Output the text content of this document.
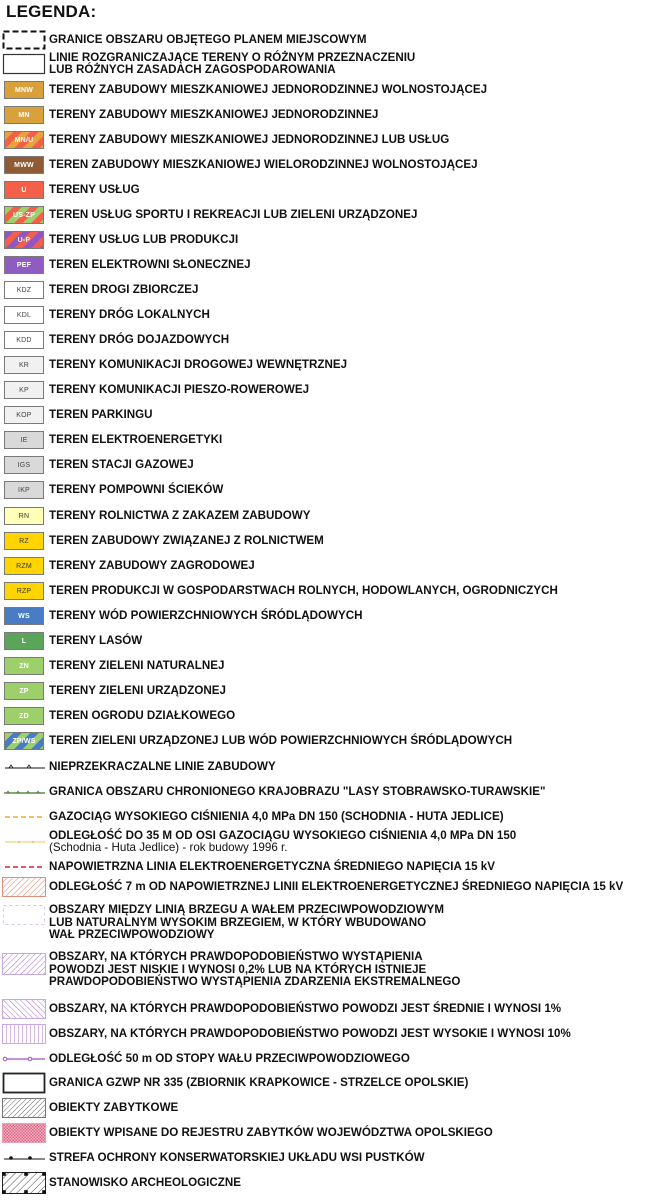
LEGENDA:
GRANICE OBSZARU OBJĘTEGO PLANEM MIEJSCOWYM
LINIE ROZGRANICZAJĄCE TERENY O RÓŻNYM PRZEZNACZENIU
LUB RÓŻNYCH ZASADACH ZAGOSPODAROWANIA
MNW TERENY ZABUDOWY MIESZKANIOWEJ JEDNORODZINNEJ WOLNOSTOJĄCEJ
MN TERENY ZABUDOWY MIESZKANIOWEJ JEDNORODZINNEJ
MN/U TERENY ZABUDOWY MIESZKANIOWEJ JEDNORODZINNEJ LUB USŁUG
MWW TEREN ZABUDOWY MIESZKANIOWEJ WIELORODZINNEJ WOLNOSTOJĄCEJ
U TERENY USŁUG
US-ZP TEREN USŁUG SPORTU I REKREACJI LUB ZIELENI URZĄDZONEJ
U-P TERENY USŁUG LUB PRODUKCJI
PEF TEREN ELEKTROWNI SŁONECZNEJ
KDZ TEREN DROGI ZBIORCZEJ
KDL TERENY DRÓG LOKALNYCH
KDD TERENY DRÓG DOJAZDOWYCH
KR TERENY KOMUNIKACJI DROGOWEJ WEWNĘTRZNEJ
KP TERENY KOMUNIKACJI PIESZO-ROWEROWEJ
KOP TEREN PARKINGU
IE TEREN ELEKTROENERGETYKI
IGS TEREN STACJI GAZOWEJ
IKP TERENY POMPOWNI ŚCIEKÓW
RN TERENY ROLNICTWA Z ZAKAZEM ZABUDOWY
RZ TEREN ZABUDOWY ZWIĄZANEJ Z ROLNICTWEM
RZM TERENY ZABUDOWY ZAGRODOWEJ
RZP TEREN PRODUKCJI W GOSPODARSTWACH ROLNYCH, HODOWLANYCH, OGRODNICZYCH
WS TERENY WÓD POWIERZCHNIOWYCH ŚRÓDLĄDOWYCH
L TERENY LASÓW
ZN TERENY ZIELENI NATURALNEJ
ZP TERENY ZIELENI URZĄDZONEJ
ZD TEREN OGRODU DZIAŁKOWEGO
ZP/WS TEREN ZIELENI URZĄDZONEJ LUB WÓD POWIERZCHNIOWYCH ŚRÓDLĄDOWYCH
NIEPRZEKRACZALNE LINIE ZABUDOWY
GRANICA OBSZARU CHRONIONEGO KRAJOBRAZU "LASY STOBRAWSKO-TURAWSKIE"
GAZOCIĄG WYSOKIEGO CIŚNIENIA 4,0 MPa DN 150 (SCHODNIA - HUTA JEDLICE)
ODLEGŁOŚĆ DO 35 M OD OSI GAZOCIĄGU WYSOKIEGO CIŚNIENIA 4,0 MPa DN 150
(Schodnia - Huta Jedlice) - rok budowy 1996 r.
NAPOWIETRZNA LINIA ELEKTROENERGETYCZNA ŚREDNIEGO NAPIĘCIA 15 kV
ODLEGŁOŚĆ 7 m OD NAPOWIETRZNEJ LINII ELEKTROENERGETYCZNEJ ŚREDNIEGO NAPIĘCIA 15 kV
OBSZARY MIĘDZY LINIĄ BRZEGU A WAŁEM PRZECIWPOWODZIOWYM
LUB NATURALNYM WYSOKIM BRZEGIEM, W KTÓRY WBUDOWANO
WAŁ PRZECIWPOWODZIOWY
OBSZARY, NA KTÓRYCH PRAWDOPODOBIEŃSTWO WYSTĄPIENIA
POWODZI JEST NISKIE I WYNOSI 0,2% LUB NA KTÓRYCH ISTNIEJE
PRAWDOPODOBIEŃSTWO WYSTĄPIENIA ZDARZENIA EKSTREMALNEGO
OBSZARY, NA KTÓRYCH PRAWDOPODOBIEŃSTWO POWODZI JEST ŚREDNIE I WYNOSI 1%
OBSZARY, NA KTÓRYCH PRAWDOPODOBIEŃSTWO POWODZI JEST WYSOKIE I WYNOSI 10%
ODLEGŁOŚĆ 50 m OD STOPY WAŁU PRZECIWPOWODZIOWEGO
GRANICA GZWP NR 335 (ZBIORNIK KRAPKOWICE - STRZELCE OPOLSKIE)
OBIEKTY ZABYTKOWE
OBIEKTY WPISANE DO REJESTRU ZABYTKÓW WOJEWÓDZTWA OPOLSKIEGO
STREFA OCHRONY KONSERWATORSKIEJ UKŁADU WSI PUSTKÓW
STANOWISKO ARCHEOLOGICZNE
